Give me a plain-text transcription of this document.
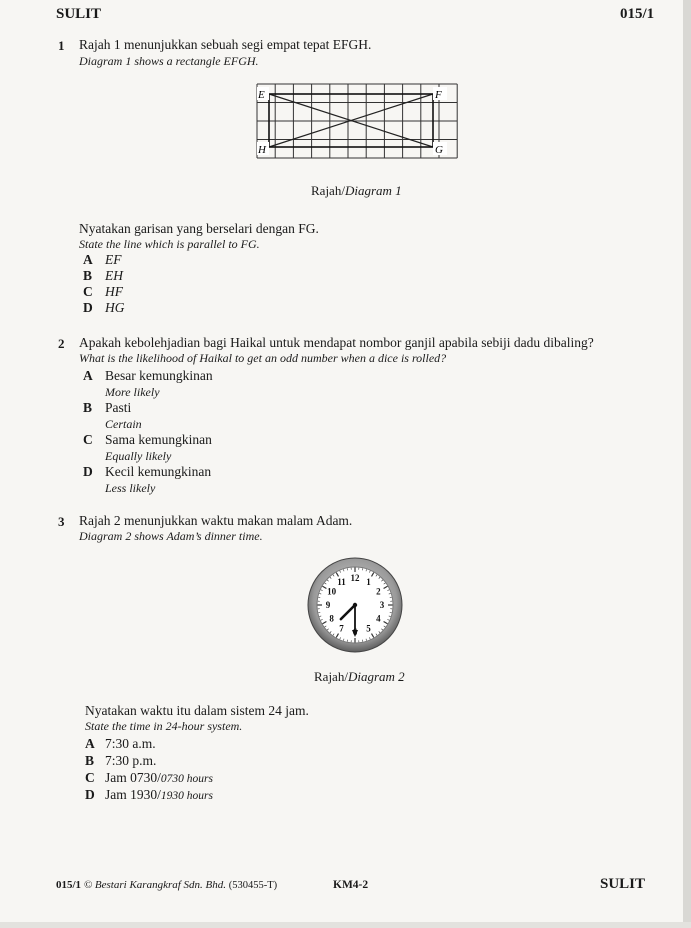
SULIT	015/1
1 Rajah 1 menunjukkan sebuah segi empat tepat EFGH.
Diagram 1 shows a rectangle EFGH.
E	F
G
H
Rajah/Diagram 1
Nyatakan garisan yang berselari dengan FG.
State the line which is parallel to FG.
A EF
B EH
C HF
D HG
2 Apakah kebolehjadian bagi Haikal untuk mendapat nombor ganjil apabila sebiji dadu dibaling?
What is the likelihood of Haikal to get an odd number when a dice is rolled?
A Besar kemungkinan
More likely
B Pasti
Certain
C Sama kemungkinan
Equally likely
D Kecil kemungkinan
Less likely
3 Rajah 2 menunjukkan waktu makan malam Adam.
Diagram 2 shows Adam’s dinner time.
12 1
2
3
4
5
7
8
9
10
11
Rajah/Diagram 2
Nyatakan waktu itu dalam sistem 24 jam.
State the time in 24-hour system.
A 7:30 a.m.
B 7:30 p.m.
C Jam 0730/0730 hours
D Jam 1930/1930 hours
015/1 © Bestari Karangkraf Sdn. Bhd. (530455-T)	KM4-2	SULIT
